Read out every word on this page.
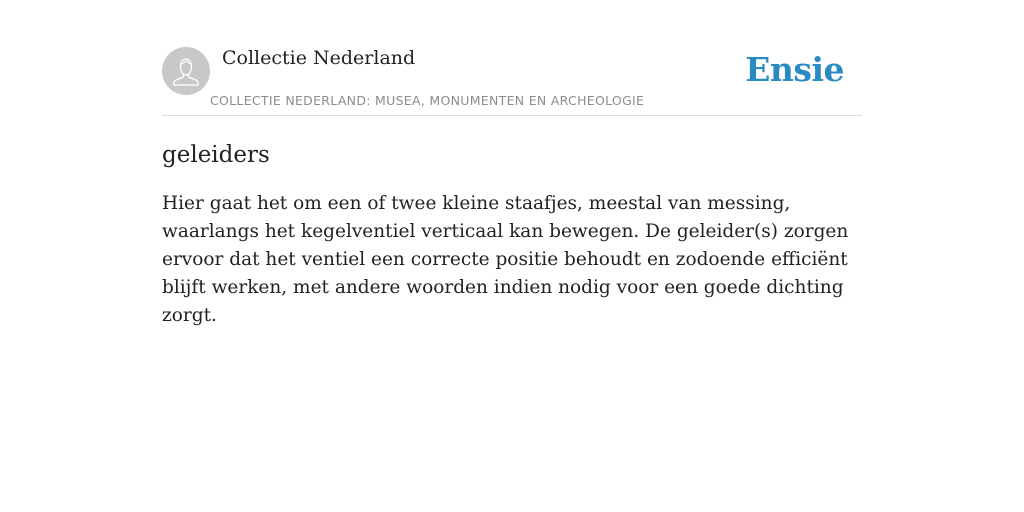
Collectie Nederland
COLLECTIE NEDERLAND: MUSEA, MONUMENTEN EN ARCHEOLOGIE
Ensie
geleiders

Hier gaat het om een of twee kleine staafjes, meestal van messing, waarlangs het kegelventiel verticaal kan bewegen. De geleider(s) zorgen ervoor dat het ventiel een correcte positie behoudt en zodoende efficiënt blijft werken, met andere woorden indien nodig voor een goede dichting zorgt.
